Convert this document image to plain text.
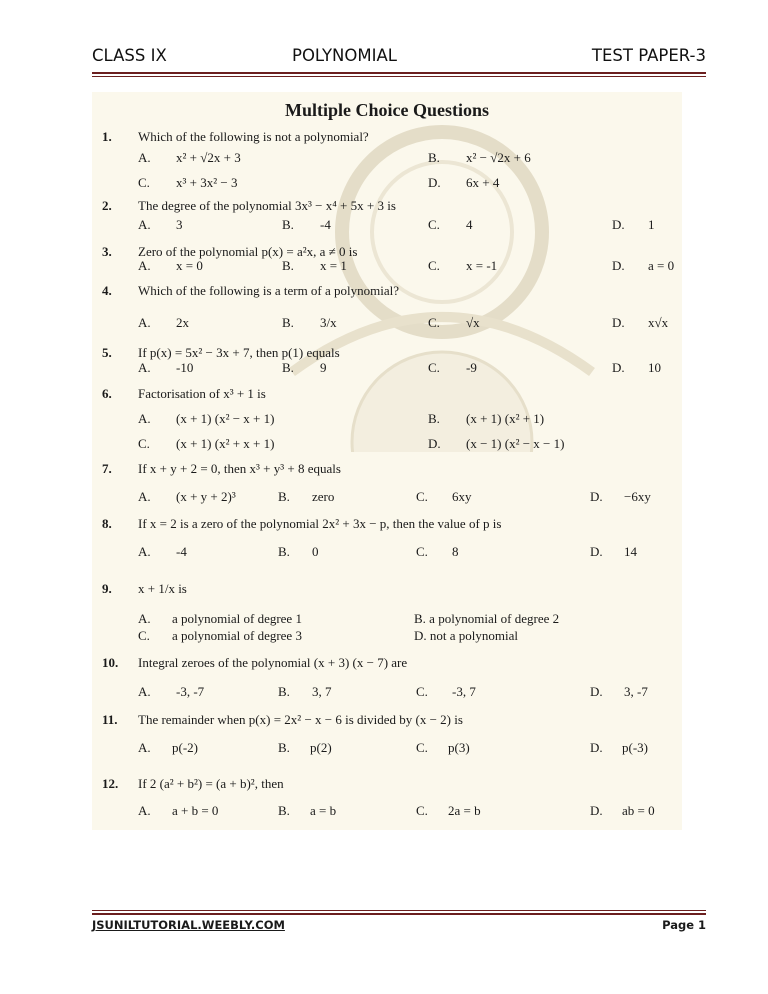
CLASS IX	POLYNOMIAL	TEST PAPER-3
Multiple Choice Questions
1. Which of the following is not a polynomial?
A. x² + √2x + 3	B. x² − √2x + 6
C. x³ + 3x² − 3	D. 6x + 4
2. The degree of the polynomial 3x³ − x⁴ + 5x + 3 is
A. 3	B. -4	C. 4	D. 1
3. Zero of the polynomial p(x) = a²x, a ≠ 0 is
A. x = 0	B. x = 1	C. x = -1	D. a = 0
4. Which of the following is a term of a polynomial?
A. 2x	B. 3/x	C. √x	D. x√x
5. If p(x) = 5x² − 3x + 7, then p(1) equals
A. -10	B. 9	C. -9	D. 10
6. Factorisation of x³ + 1 is
A. (x + 1) (x² − x + 1)	B. (x + 1) (x² + 1)
C. (x + 1) (x² + x + 1)	D. (x − 1) (x² − x − 1)
7. If x + y + 2 = 0, then x³ + y³ + 8 equals
A. (x + y + 2)³	B. zero	C. 6xy	D. −6xy
8. If x = 2 is a zero of the polynomial 2x² + 3x − p, then the value of p is
A. -4	B. 0	C. 8	D. 14
9. x + 1/x is
A. a polynomial of degree 1	B. a polynomial of degree 2
C. a polynomial of degree 3	D. not a polynomial
10. Integral zeroes of the polynomial (x + 3) (x − 7) are
A. -3, -7	B. 3, 7	C. -3, 7	D. 3, -7
11. The remainder when p(x) = 2x² − x − 6 is divided by (x − 2) is
A. p(-2)	B. p(2)	C. p(3)	D. p(-3)
12. If 2 (a² + b²) = (a + b)², then
A. a + b = 0	B. a = b	C. 2a = b	D. ab = 0
JSUNILTUTORIAL.WEEBLY.COM	Page 1
